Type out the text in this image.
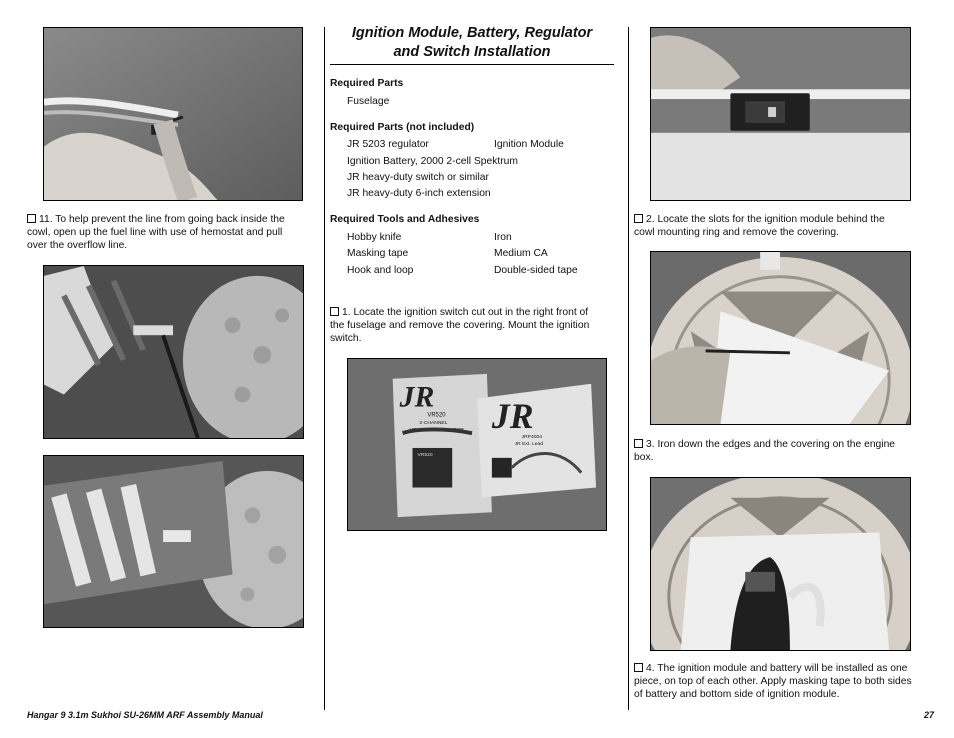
11. To help prevent the line from going back inside the
cowl, open up the fuel line with use of hemostat and pull
over the overflow line.
Ignition Module, Battery, Regulator
and Switch Installation
Required Parts
Fuselage
Required Parts (not included)
JR 5203 regulator	Ignition Module
Ignition Battery, 2000 2-cell Spektrum
JR heavy-duty switch or similar
JR heavy-duty 6-inch extension
Required Tools and Adhesives
Hobby knife	Iron
Masking tape	Medium CA
Hook and loop	Double-sided tape
1. Locate the ignition switch cut out in the right front of
the fuselage and remove the covering. Mount the ignition
switch.
JR JR
VR520
2-CHANNEL
VOLTAGE REGULATOR
JRP4004
JR Ext. Lead
VR520
2. Locate the slots for the ignition module behind the
cowl mounting ring and remove the covering.
3. Iron down the edges and the covering on the engine
box.
4. The ignition module and battery will be installed as one
piece, on top of each other. Apply masking tape to both sides
of battery and bottom side of ignition module.
Hangar 9 3.1m Sukhoi SU-26MM ARF Assembly Manual	27
